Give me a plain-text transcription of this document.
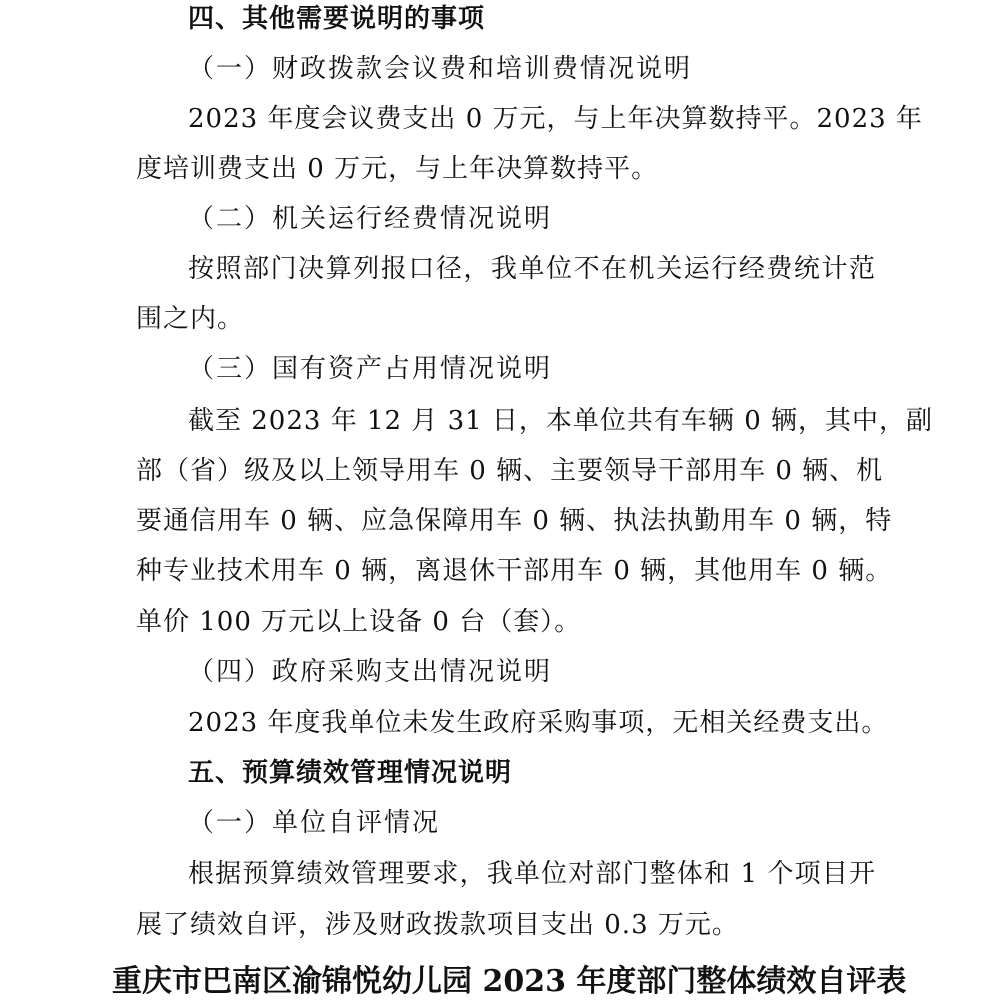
四、其他需要说明的事项
（一）财政拨款会议费和培训费情况说明
2023 年度会议费支出 0 万元，与上年决算数持平。2023 年
度培训费支出 0 万元，与上年决算数持平。
（二）机关运行经费情况说明
按照部门决算列报口径，我单位不在机关运行经费统计范
围之内。
（三）国有资产占用情况说明
截至 2023 年 12 月 31 日，本单位共有车辆 0 辆，其中，副
部（省）级及以上领导用车 0 辆、主要领导干部用车 0 辆、机
要通信用车 0 辆、应急保障用车 0 辆、执法执勤用车 0 辆，特
种专业技术用车 0 辆，离退休干部用车 0 辆，其他用车 0 辆。
单价 100 万元以上设备 0 台（套）。
（四）政府采购支出情况说明
2023 年度我单位未发生政府采购事项，无相关经费支出。
五、预算绩效管理情况说明
（一）单位自评情况
根据预算绩效管理要求，我单位对部门整体和 1 个项目开
展了绩效自评，涉及财政拨款项目支出 0.3 万元。
重庆市巴南区渝锦悦幼儿园 2023 年度部门整体绩效自评表
